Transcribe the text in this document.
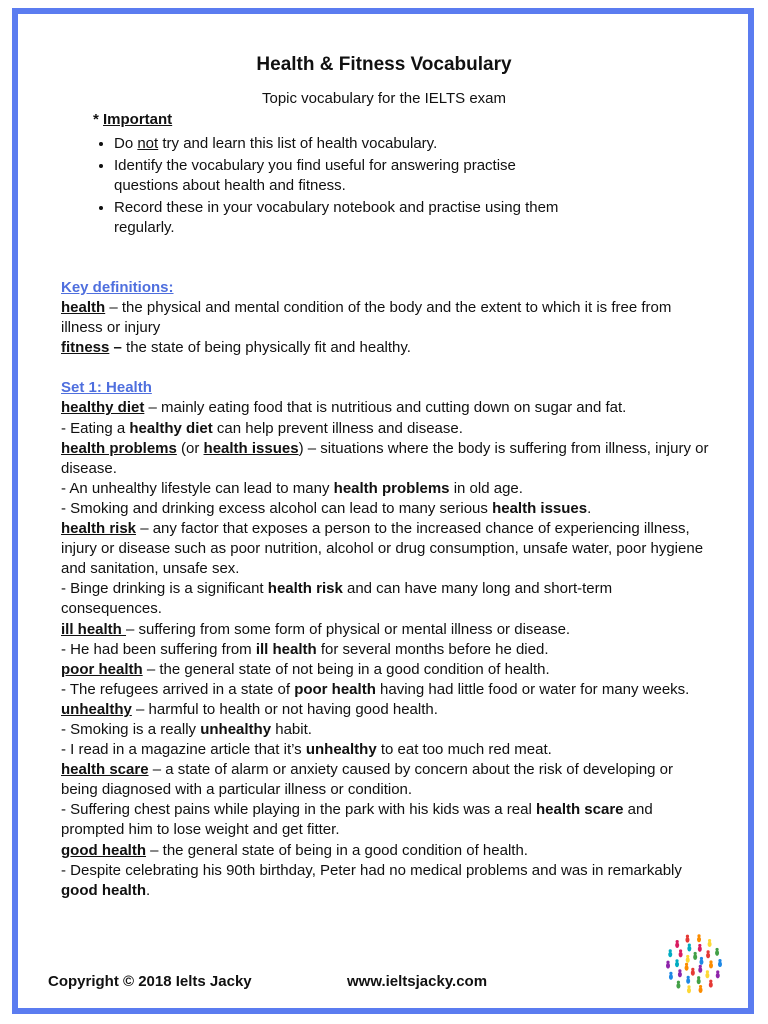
Health & Fitness Vocabulary
Topic vocabulary for the IELTS exam
* Important
• Do not try and learn this list of health vocabulary.
• Identify the vocabulary you find useful for answering practise questions about health and fitness.
• Record these in your vocabulary notebook and practise using them regularly.

Key definitions:

health – the physical and mental condition of the body and the extent to which it is free from illness or injury

fitness – the state of being physically fit and healthy.

Set 1: Health

healthy diet – mainly eating food that is nutritious and cutting down on sugar and fat.

- Eating a healthy diet can help prevent illness and disease.

health problems (or health issues) – situations where the body is suffering from illness, injury or disease.

- An unhealthy lifestyle can lead to many health problems in old age.

- Smoking and drinking excess alcohol can lead to many serious health issues.

health risk – any factor that exposes a person to the increased chance of experiencing illness, injury or disease such as poor nutrition, alcohol or drug consumption, unsafe water, poor hygiene and sanitation, unsafe sex.

- Binge drinking is a significant health risk and can have many long and short-term consequences.

ill health – suffering from some form of physical or mental illness or disease.

- He had been suffering from ill health for several months before he died.

poor health – the general state of not being in a good condition of health.

- The refugees arrived in a state of poor health having had little food or water for many weeks.

unhealthy – harmful to health or not having good health.

- Smoking is a really unhealthy habit.

- I read in a magazine article that it’s unhealthy to eat too much red meat.

health scare – a state of alarm or anxiety caused by concern about the risk of developing or being diagnosed with a particular illness or condition.

- Suffering chest pains while playing in the park with his kids was a real health scare and prompted him to lose weight and get fitter.

good health – the general state of being in a good condition of health.

- Despite celebrating his 90th birthday, Peter had no medical problems and was in remarkably good health.

Copyright © 2018 Ielts Jacky	www.ieltsjacky.com
